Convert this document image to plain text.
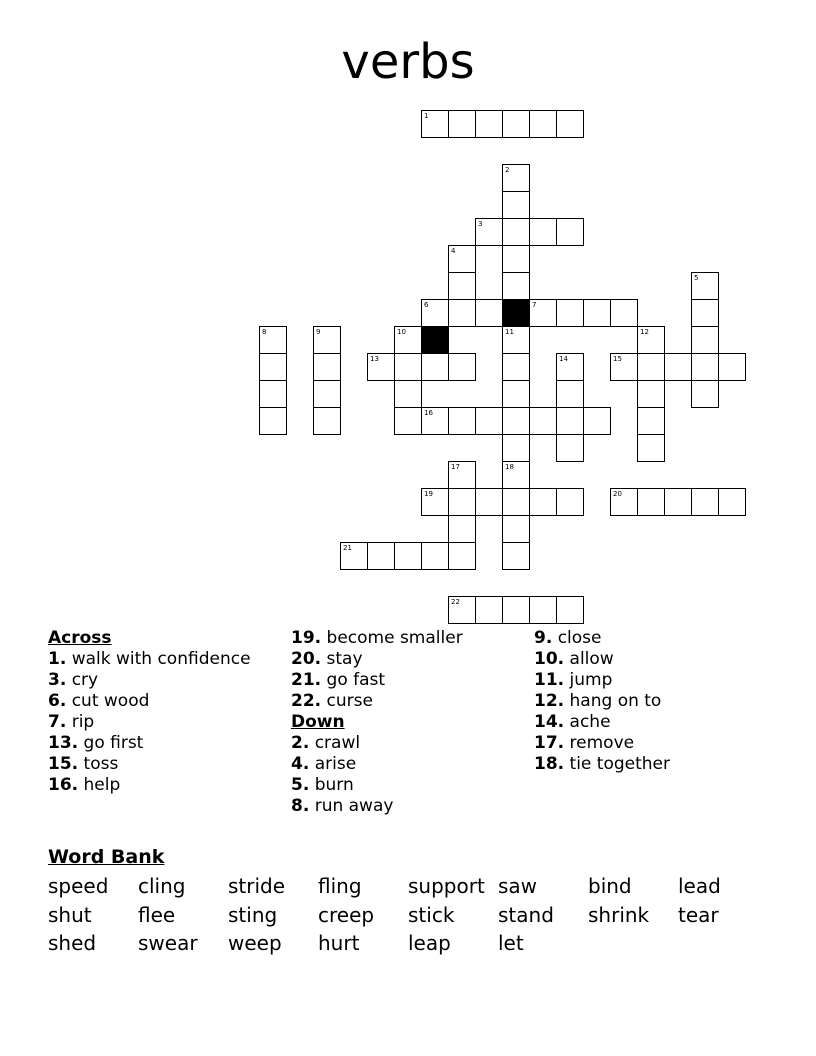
verbs
1
2
3
4
5
6	7
8	9	10	11	12
13	14	15
16
17	18
19	20
21
22
Across
1. walk with confidence
3. cry
6. cut wood
7. rip
13. go first
15. toss
16. help
19. become smaller
20. stay
21. go fast
22. curse
Down
2. crawl
4. arise
5. burn
8. run away
9. close
10. allow
11. jump
12. hang on to
14. ache
17. remove
18. tie together
Word Bank
speed cling stride fling support saw	bind lead
shut flee	sting creep stick stand shrink tear
shed swear weep hurt leap let
